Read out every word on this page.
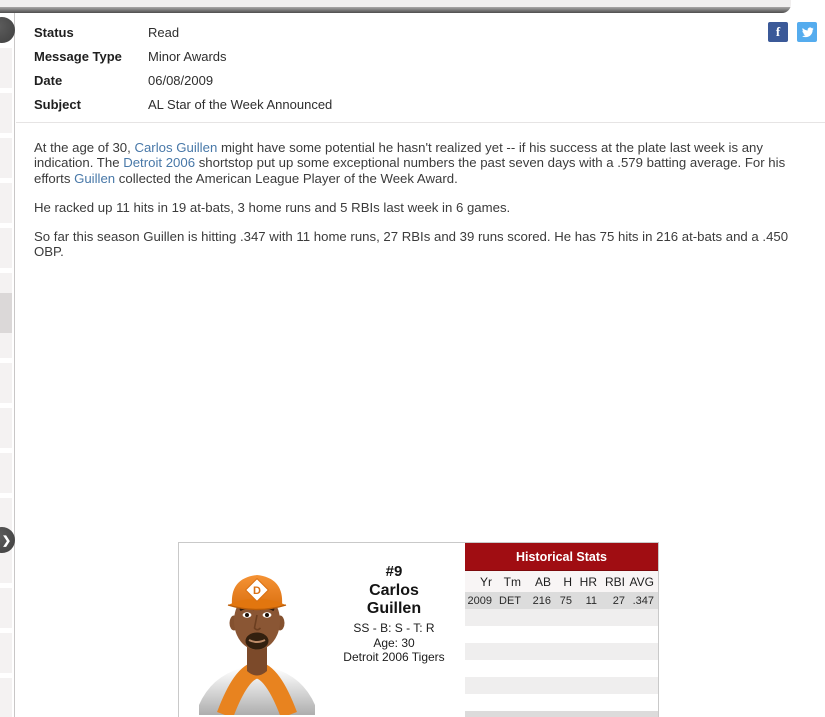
❯
Status	Read
Message Type	Minor Awards
Date	06/08/2009
Subject	AL Star of the Week Announced
f

At the age of 30, Carlos Guillen might have some potential he hasn't realized yet -- if his success at the plate last week is any indication. The Detroit 2006 shortstop put up some exceptional numbers the past seven days with a .579 batting average. For his efforts Guillen collected the American League Player of the Week Award.

He racked up 11 hits in 19 at-bats, 3 home runs and 5 RBIs last week in 6 games.

So far this season Guillen is hitting .347 with 11 home runs, 27 RBIs and 39 runs scored. He has 75 hits in 216 at-bats and a .450 OBP.

D
#9
Carlos
Guillen
SS - B: S - T: R
Age: 30
Detroit 2006 Tigers
Historical Stats
Yr	Tm	AB	H	HR	RBI	AVG
2009	DET	216	75	11	27	.347
